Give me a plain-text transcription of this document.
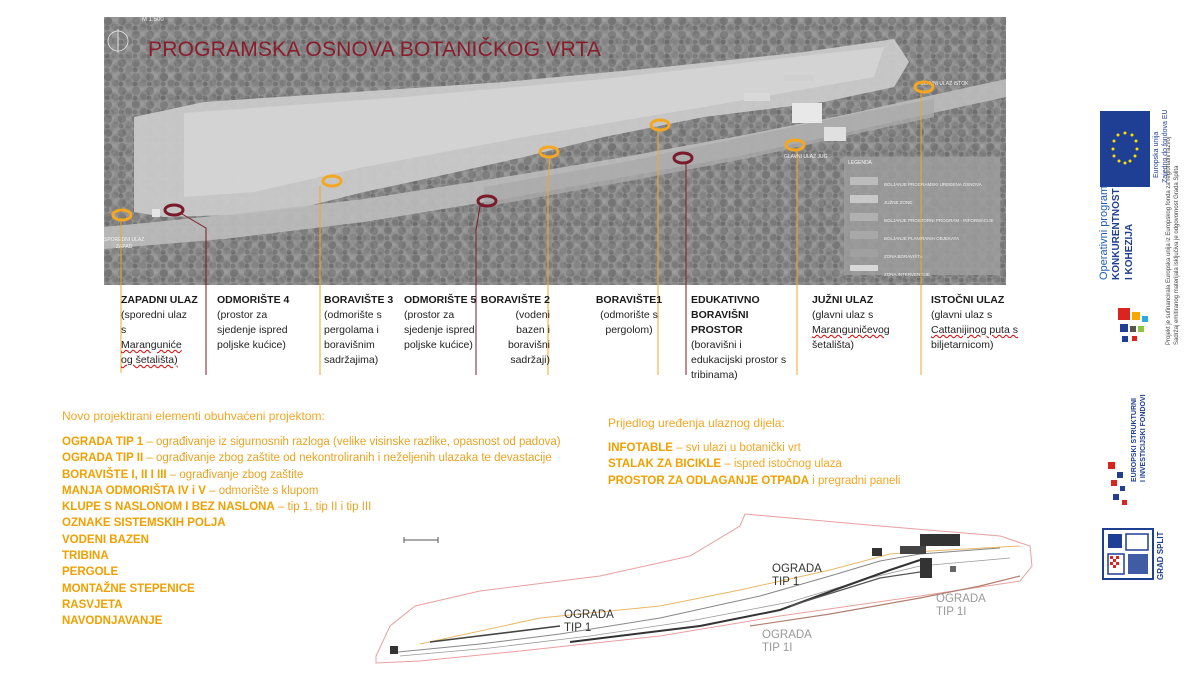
M 1:500
SPOREDNI ULAZ
ZAPAD
GLAVNI ULAZ ISTOK
GLAVNI ULAZ JUG
LEGENDA
BOLJANJE PROGRAMSKI UREĐENA OSNOVA JUŽNE ZONE
BOLJANJE PROSTORNI PROGRAM - INFORMACIJE
BOLJANJE PLANIRANIH OBJEKATA
ZONA BORAVIŠTA
ZONA INTERVENCIJE
PROGRAMSKA OSNOVA BOTANIČKOG VRTA
ZAPADNI ULAZ
(sporedni ulaz
s
Maranguniće
og šetališta)
ODMORIŠTE 4
(prostor za
sjedenje ispred
poljske kućice)
BORAVIŠTE 3
(odmorište s
pergolama i
boravišnim
sadržajima)
ODMORIŠTE 5
(prostor za
sjedenje ispred
poljske kućice)
BORAVIŠTE 2
(vodeni
bazen i
boravišni
sadržaji)
BORAVIŠTE1
(odmorište s
pergolom)
EDUKATIVNO
BORAVIŠNI PROSTOR
(boravišni i
edukacijski prostor s
tribinama)
JUŽNI ULAZ
(glavni ulaz s
Maranguničevog
šetališta)
ISTOČNI ULAZ
(glavni ulaz s
Cattanijinog puta s
biljetarnicom)
Novo projektirani elementi obuhvaćeni projektom:
OGRADA TIP 1 – ograđivanje iz sigurnosnih razloga (velike visinske razlike, opasnost od padova)
OGRADA TIP II – ograđivanje zbog zaštite od nekontroliranih i neželjenih ulazaka te devastacije
BORAVIŠTE I, II I III – ograđivanje zbog zaštite
MANJA ODMORIŠTA IV i V – odmorište s klupom
KLUPE S NASLONOM I BEZ NASLONA – tip 1, tip II i tip III
OZNAKE SISTEMSKIH POLJA
VODENI BAZEN
TRIBINA
PERGOLE
MONTAŽNE STEPENICE
RASVJETA
NAVODNJAVANJE
Prijedlog uređenja ulaznog dijela:
INFOTABLE – svi ulazi u botanički vrt
STALAK ZA BICIKLE – ispred istočnog ulaza
PROSTOR ZA ODLAGANJE OTPADA i pregradni paneli
OGRADA
TIP 1
OGRADA
TIP 1
OGRADA
TIP 1I
OGRADA
TIP 1I
Europska unija Zajedno do fondova EU
Operativni program KONKURENTNOST I KOHEZIJA	Projekt je sufinancirala Europska unija iz Europskog fonda za regionalni razvoj Sadržaj emitiranog materijala isključiva je odgovornost Grada Splita
EUROPSKI STRUKTURNI I INVESTICIJSKI FONDOVI
GRAD SPLIT
